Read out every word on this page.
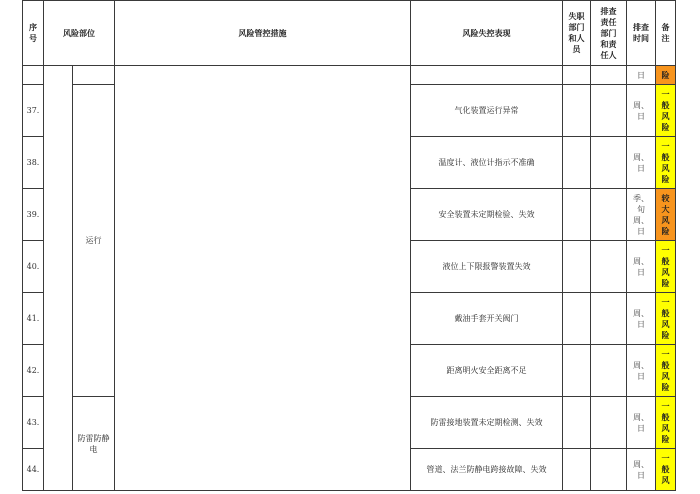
序号	风险部位		风险管控措施	风险失控表现	失职部门和人员	排查责任部门和责任人	排查时间	备注

							日	险
37.		运行		气化装置运行异常			周、日	一般风险

38.				温度计、液位计指示不准确			周、日	一般风险

39.				安全装置未定期检验、失效			季、旬周、日	较大风险

40.				液位上下限报警装置失效			周、日	一般风险

41.				戴油手套开关阀门			周、日	一般风险

42.				距离明火安全距离不足			周、日	一般风险

43.		防雷防静电		防雷接地装置未定期检测、失效			周、日	一般风险

44.				管道、法兰防静电跨接故障、失效			周、日	一般风
